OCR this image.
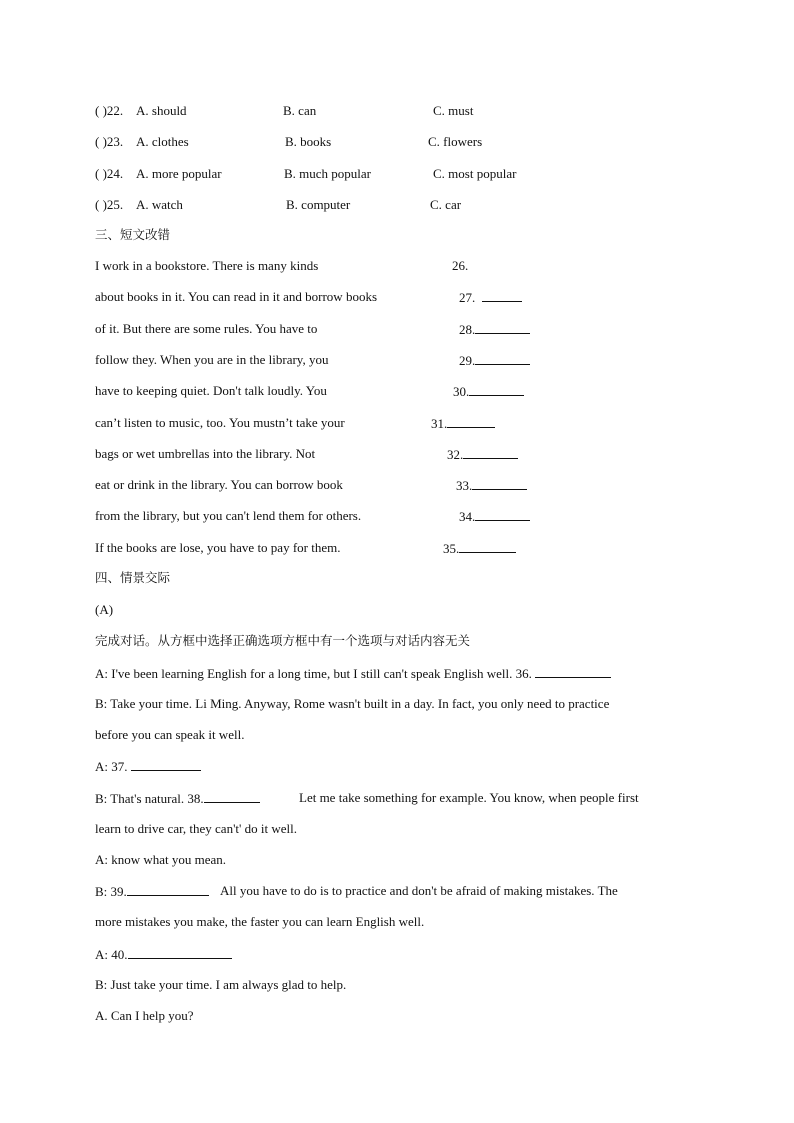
( )22. A. should	B. can	C. must
( )23. A. clothes	B. books	C. flowers
( )24. A. more popular	B. much popular	C. most popular
( )25. A. watch	B. computer	C. car
三、短文改错
I work in a bookstore. There is many kinds	26.
about books in it. You can read in it and borrow books	27.
of it. But there are some rules. You have to	28.
follow they. When you are in the library, you	29.
have to keeping quiet. Don't talk loudly. You	30.
can’t listen to music, too. You mustn’t take your	31.
bags or wet umbrellas into the library. Not	32.
eat or drink in the library. You can borrow book	33.
from the library, but you can't lend them for others.	34.
If the books are lose, you have to pay for them.	35.
四、情景交际
(A)
完成对话。从方框中选择正确选项方框中有一个选项与对话内容无关
A: I've been learning English for a long time, but I still can't speak English well. 36.
B: Take your time. Li Ming. Anyway, Rome wasn't built in a day. In fact, you only need to practice
before you can speak it well.
A: 37.
B: That's natural. 38.	Let me take something for example. You know, when people first
learn to drive car, they can't' do it well.
A: know what you mean.
B: 39.	All you have to do is to practice and don't be afraid of making mistakes. The
more mistakes you make, the faster you can learn English well.
A: 40.
B: Just take your time. I am always glad to help.
A. Can I help you?
